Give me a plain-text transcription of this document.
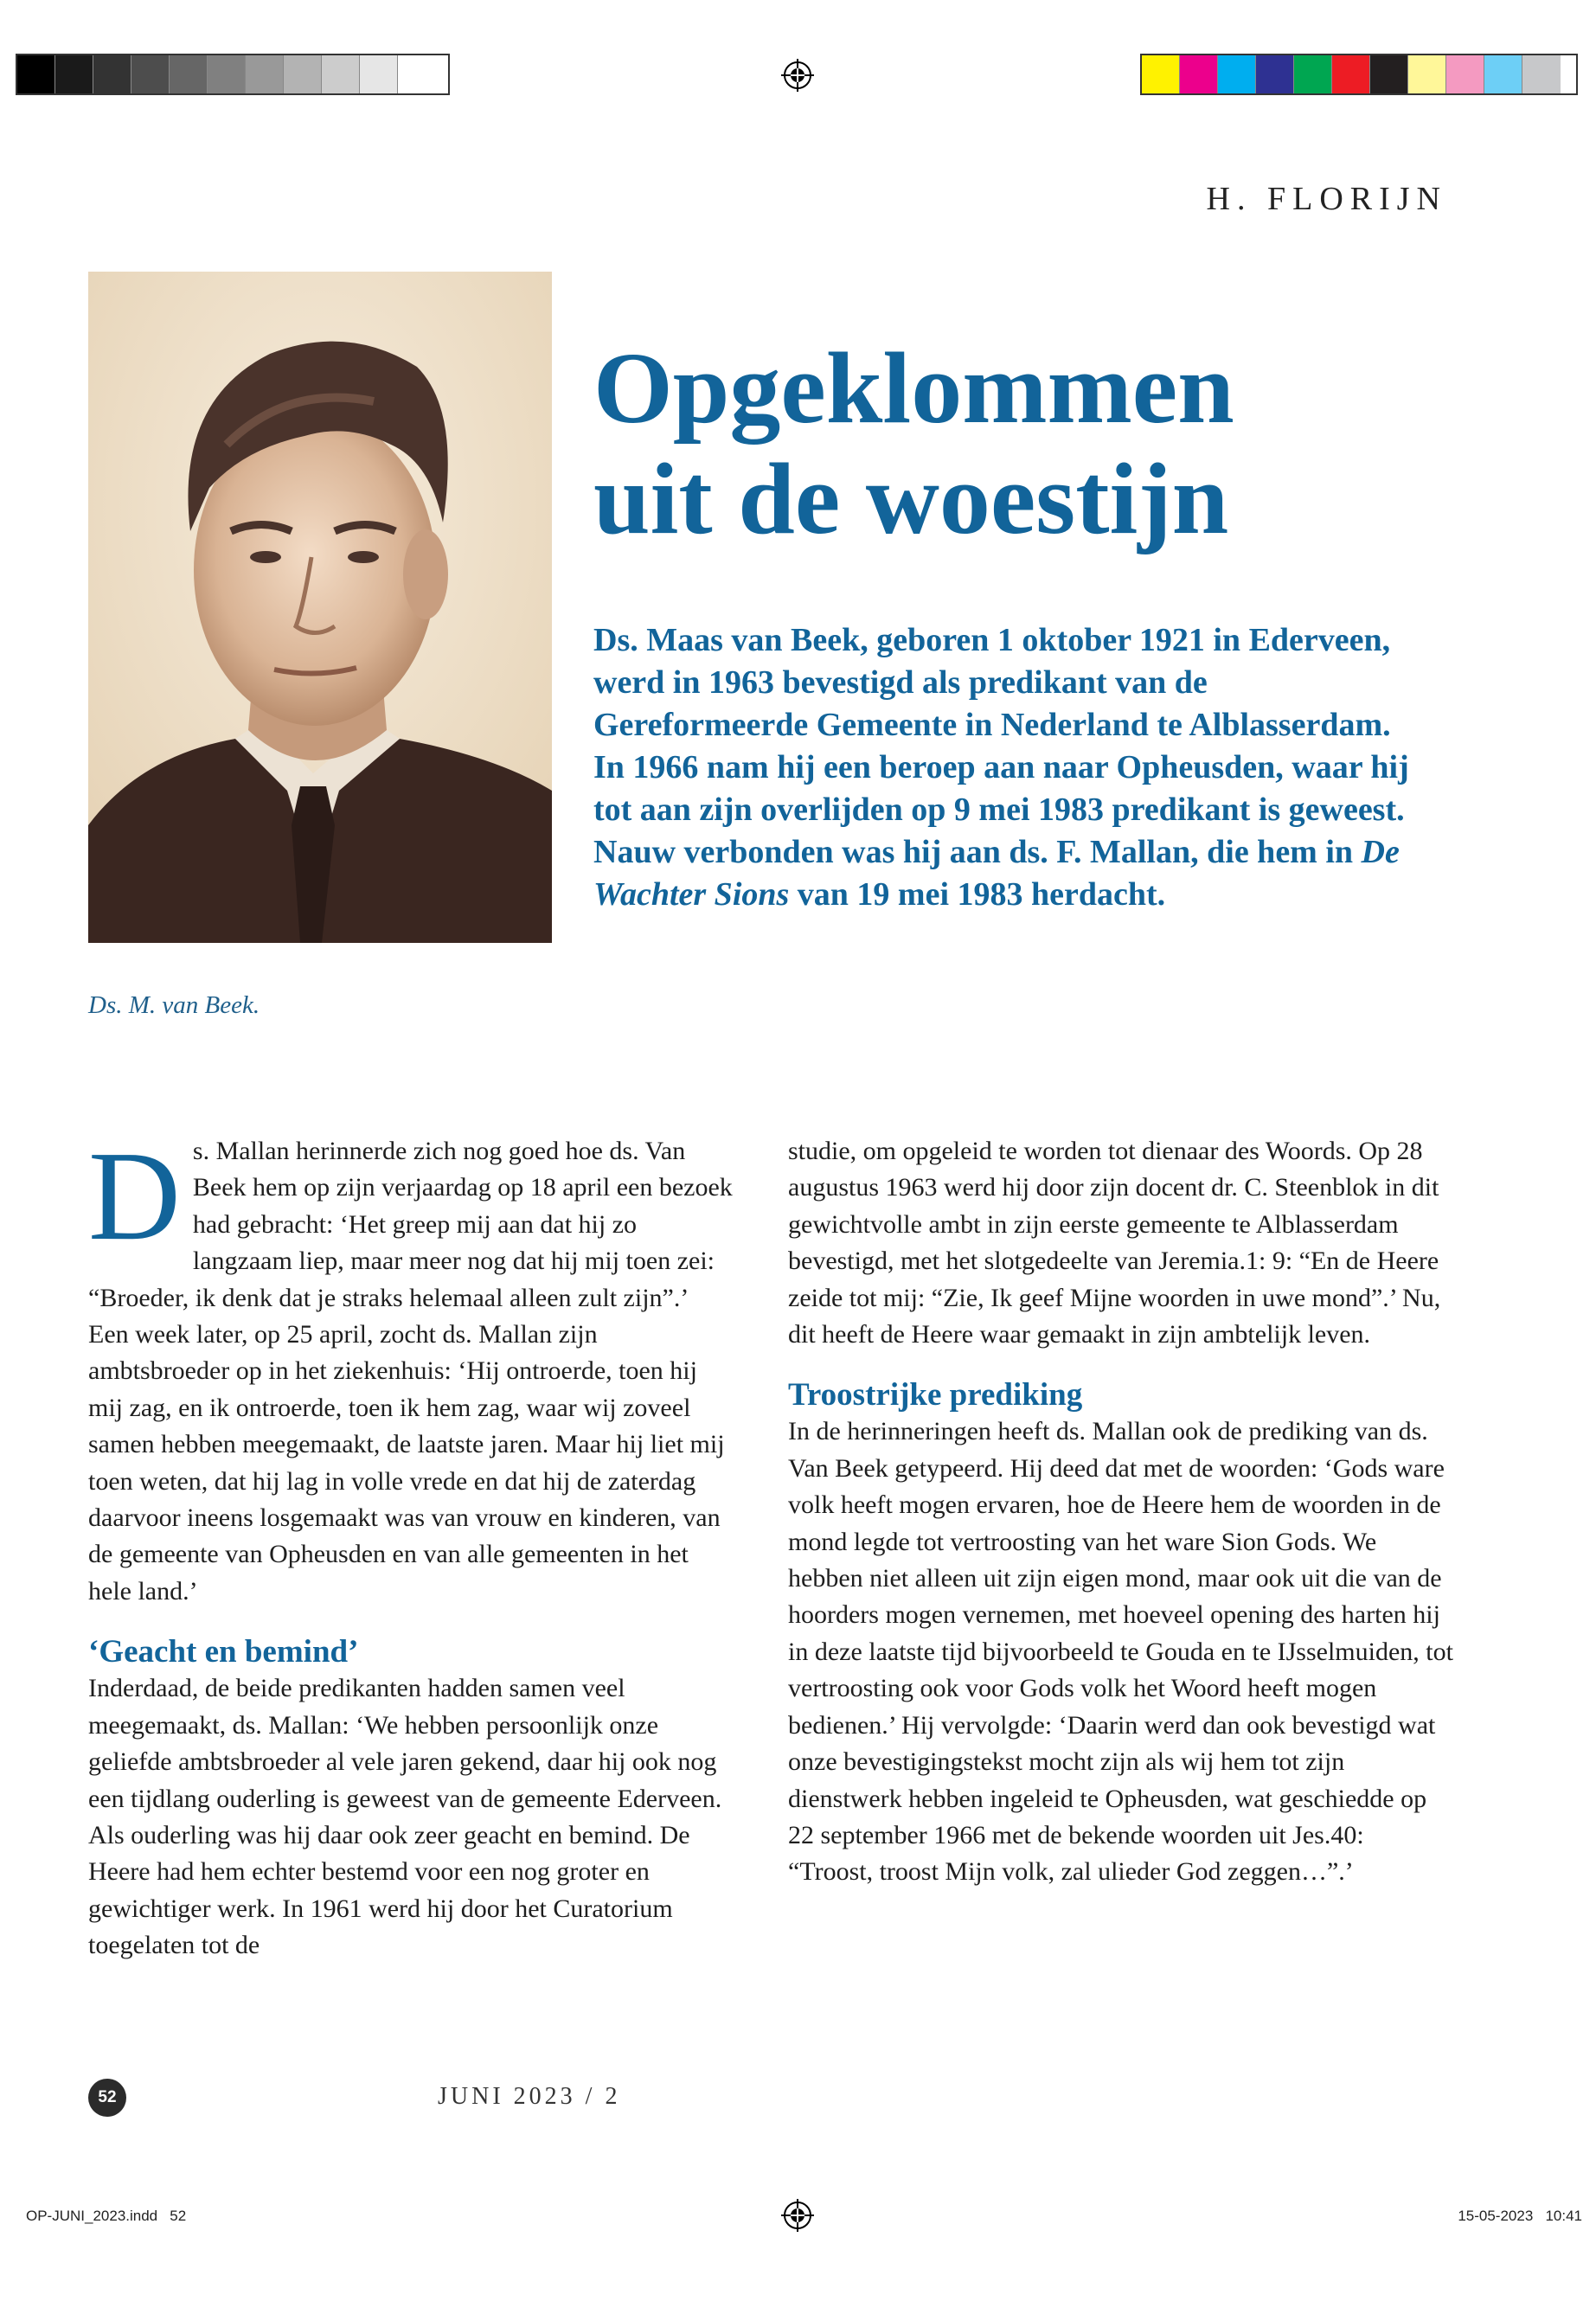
H. FLORIJN
Ds. M. van Beek.
Opgeklommen
uit de woestijn
Ds. Maas van Beek, geboren 1 oktober 1921 in Ederveen, werd in 1963 bevestigd als predikant van de Gereformeerde Gemeente in Nederland te Alblasserdam. In 1966 nam hij een beroep aan naar Opheusden, waar hij tot aan zijn overlijden op 9 mei 1983 predikant is geweest. Nauw verbonden was hij aan ds. F. Mallan, die hem in De Wachter Sions van 19 mei 1983 herdacht.

Ds. Mallan herinnerde zich nog goed hoe ds. Van Beek hem op zijn verjaardag op 18 april een bezoek had gebracht: ‘Het greep mij aan dat hij zo langzaam liep, maar meer nog dat hij mij toen zei: “Broeder, ik denk dat je straks helemaal alleen zult zijn”.’

Een week later, op 25 april, zocht ds. Mallan zijn ambtsbroeder op in het ziekenhuis: ‘Hij ontroerde, toen hij mij zag, en ik ontroerde, toen ik hem zag, waar wij zoveel samen hebben meegemaakt, de laatste jaren. Maar hij liet mij toen weten, dat hij lag in volle vrede en dat hij de zaterdag daarvoor ineens losgemaakt was van vrouw en kinderen, van de gemeente van Opheusden en van alle gemeenten in het hele land.’

‘Geacht en bemind’

Inderdaad, de beide predikanten hadden samen veel meegemaakt, ds. Mallan: ‘We hebben persoonlijk onze geliefde ambtsbroeder al vele jaren gekend, daar hij ook nog een tijdlang ouderling is geweest van de gemeente Ederveen. Als ouderling was hij daar ook zeer geacht en bemind. De Heere had hem echter bestemd voor een nog groter en gewichtiger werk. In 1961 werd hij door het Curatorium toegelaten tot de

studie, om opgeleid te worden tot dienaar des Woords. Op 28 augustus 1963 werd hij door zijn docent dr. C. Steenblok in dit gewichtvolle ambt in zijn eerste gemeente te Alblasserdam bevestigd, met het slotgedeelte van Jeremia.1: 9: “En de Heere zeide tot mij: “Zie, Ik geef Mijne woorden in uwe mond”.’ Nu, dit heeft de Heere waar gemaakt in zijn ambtelijk leven.

Troostrijke prediking

In de herinneringen heeft ds. Mallan ook de prediking van ds. Van Beek getypeerd. Hij deed dat met de woorden: ‘Gods ware volk heeft mogen ervaren, hoe de Heere hem de woorden in de mond legde tot vertroosting van het ware Sion Gods. We hebben niet alleen uit zijn eigen mond, maar ook uit die van de hoorders mogen vernemen, met hoeveel opening des harten hij in deze laatste tijd bijvoorbeeld te Gouda en te IJsselmuiden, tot vertroosting ook voor Gods volk het Woord heeft mogen bedienen.’ Hij vervolgde: ‘Daarin werd dan ook bevestigd wat onze bevestigingstekst mocht zijn als wij hem tot zijn dienstwerk hebben ingeleid te Opheusden, wat geschiedde op 22 september 1966 met de bekende woorden uit Jes.40: “Troost, troost Mijn volk, zal ulieder God zeggen…”.’

52	JUNI 2023 / 2
OP-JUNI_2023.indd   52	15-05-2023   10:41
